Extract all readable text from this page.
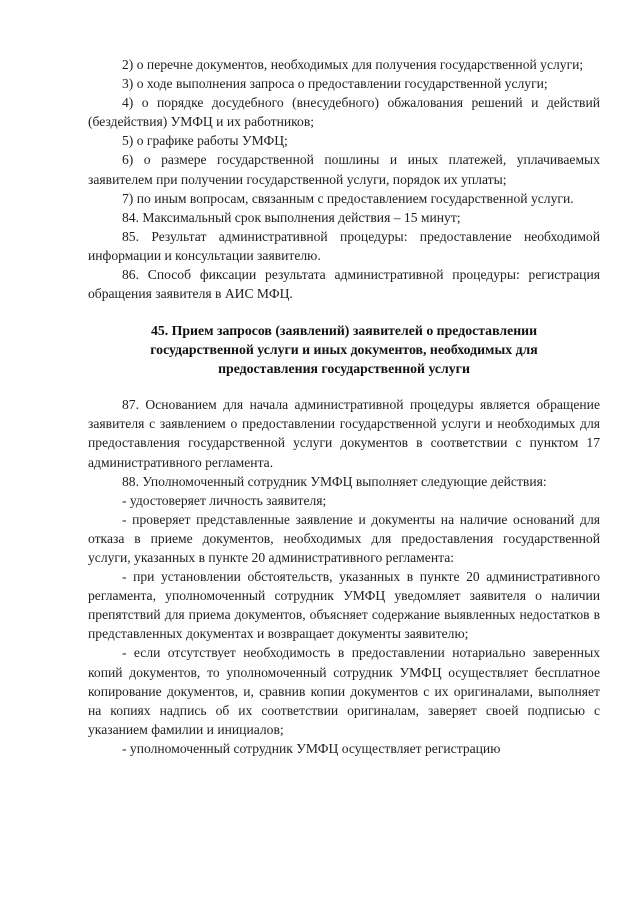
2) о перечне документов, необходимых для получения государственной услуги;

3) о ходе выполнения запроса о предоставлении государственной услуги;

4) о порядке досудебного (внесудебного) обжалования решений и действий (бездействия) УМФЦ и их работников;

5) о графике работы УМФЦ;

6) о размере государственной пошлины и иных платежей, уплачиваемых заявителем при получении государственной услуги, порядок их уплаты;

7) по иным вопросам, связанным с предоставлением государственной услуги.

84. Максимальный срок выполнения действия – 15 минут;

85. Результат административной процедуры: предоставление необходимой информации и консультации заявителю.

86. Способ фиксации результата административной процедуры: регистрация обращения заявителя в АИС МФЦ.

45. Прием запросов (заявлений) заявителей о предоставлении государственной услуги и иных документов, необходимых для предоставления государственной услуги

87. Основанием для начала административной процедуры является обращение заявителя с заявлением о предоставлении государственной услуги и необходимых для предоставления государственной услуги документов в соответствии с пунктом 17 административного регламента.

88. Уполномоченный сотрудник УМФЦ выполняет следующие действия:

- удостоверяет личность заявителя;

- проверяет представленные заявление и документы на наличие оснований для отказа в приеме документов, необходимых для предоставления государственной услуги, указанных в пункте 20 административного регламента:

- при установлении обстоятельств, указанных в пункте 20 административного регламента, уполномоченный сотрудник УМФЦ уведомляет заявителя о наличии препятствий для приема документов, объясняет содержание выявленных недостатков в представленных документах и возвращает документы заявителю;

- если отсутствует необходимость в предоставлении нотариально заверенных копий документов, то уполномоченный сотрудник УМФЦ осуществляет бесплатное копирование документов, и, сравнив копии документов с их оригиналами, выполняет на копиях надпись об их соответствии оригиналам, заверяет своей подписью с указанием фамилии и инициалов;

- уполномоченный сотрудник УМФЦ осуществляет регистрацию
